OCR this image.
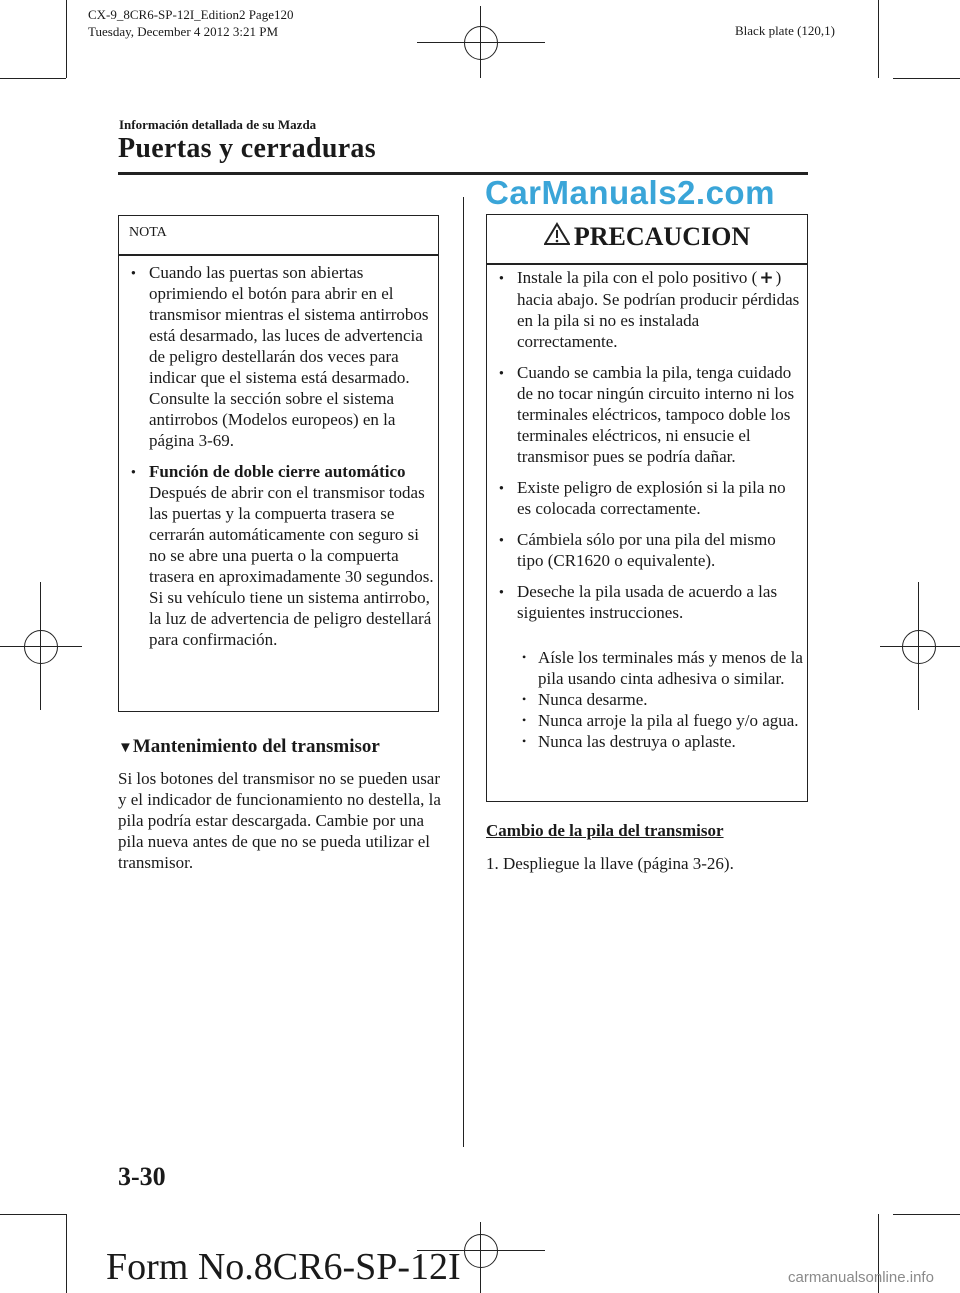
CX-9_8CR6-SP-12I_Edition2 Page120
Tuesday, December 4 2012 3:21 PM	Black plate (120,1)
Información detallada de su Mazda
Puertas y cerraduras
CarManuals2.com
NOTA
● Cuando las puertas son abiertas oprimiendo el botón para abrir en el transmisor mientras el sistema antirrobos está desarmado, las luces de advertencia de peligro destellarán dos veces para indicar que el sistema está desarmado.
Consulte la sección sobre el sistema antirrobos (Modelos europeos) en la página 3-69.
● Función de doble cierre automático
Después de abrir con el transmisor todas las puertas y la compuerta trasera se cerrarán automáticamente con seguro si no se abre una puerta o la compuerta trasera en aproximadamente 30 segundos. Si su vehículo tiene un sistema antirrobo, la luz de advertencia de peligro destellará para confirmación.
▼Mantenimiento del transmisor
Si los botones del transmisor no se pueden usar y el indicador de funcionamiento no destella, la pila podría estar descargada. Cambie por una pila nueva antes de que no se pueda utilizar el transmisor.
PRECAUCION
● Instale la pila con el polo positivo ( + ) hacia abajo. Se podrían producir pérdidas en la pila si no es instalada correctamente.
● Cuando se cambia la pila, tenga cuidado de no tocar ningún circuito interno ni los terminales eléctricos, tampoco doble los terminales eléctricos, ni ensucie el transmisor pues se podría dañar.
● Existe peligro de explosión si la pila no es colocada correctamente.
● Cámbiela sólo por una pila del mismo tipo (CR1620 o equivalente).
● Deseche la pila usada de acuerdo a las siguientes instrucciones.
• Aísle los terminales más y menos de la pila usando cinta adhesiva o similar.
• Nunca desarme.
• Nunca arroje la pila al fuego y/o agua.
• Nunca las destruya o aplaste.
Cambio de la pila del transmisor
1. Despliegue la llave (página 3-26).
3-30
Form No.8CR6-SP-12I	carmanualsonline.info
